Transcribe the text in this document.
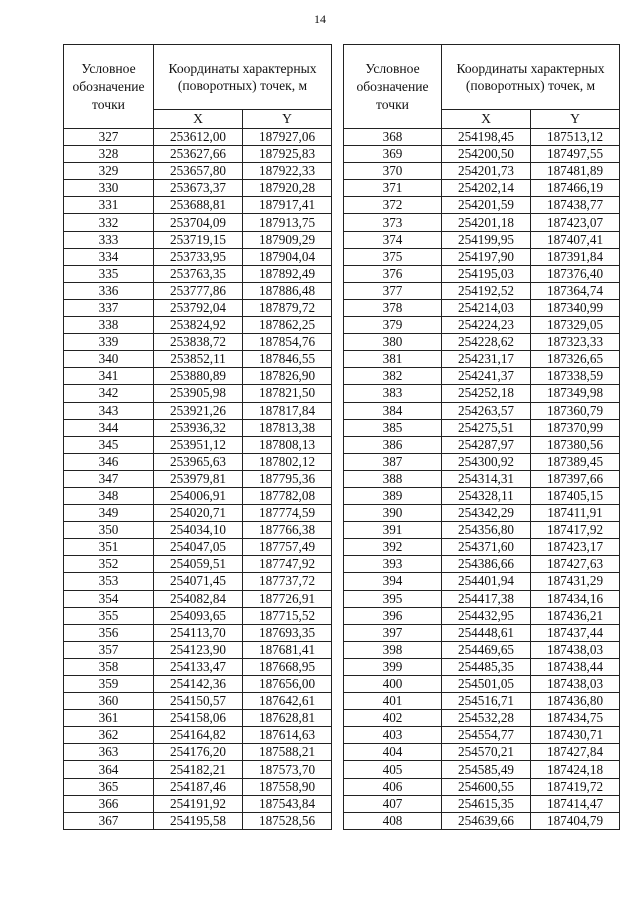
14
Условное обозначение точки	Координаты характерных (поворотных) точек, м	
	X	Y
327	253612,00	187927,06
328	253627,66	187925,83
329	253657,80	187922,33
330	253673,37	187920,28
331	253688,81	187917,41
332	253704,09	187913,75
333	253719,15	187909,29
334	253733,95	187904,04
335	253763,35	187892,49
336	253777,86	187886,48
337	253792,04	187879,72
338	253824,92	187862,25
339	253838,72	187854,76
340	253852,11	187846,55
341	253880,89	187826,90
342	253905,98	187821,50
343	253921,26	187817,84
344	253936,32	187813,38
345	253951,12	187808,13
346	253965,63	187802,12
347	253979,81	187795,36
348	254006,91	187782,08
349	254020,71	187774,59
350	254034,10	187766,38
351	254047,05	187757,49
352	254059,51	187747,92
353	254071,45	187737,72
354	254082,84	187726,91
355	254093,65	187715,52
356	254113,70	187693,35
357	254123,90	187681,41
358	254133,47	187668,95
359	254142,36	187656,00
360	254150,57	187642,61
361	254158,06	187628,81
362	254164,82	187614,63
363	254176,20	187588,21
364	254182,21	187573,70
365	254187,46	187558,90
366	254191,92	187543,84
367	254195,58	187528,56
Условное обозначение точки	Координаты характерных (поворотных) точек, м	
	X	Y
368	254198,45	187513,12
369	254200,50	187497,55
370	254201,73	187481,89
371	254202,14	187466,19
372	254201,59	187438,77
373	254201,18	187423,07
374	254199,95	187407,41
375	254197,90	187391,84
376	254195,03	187376,40
377	254192,52	187364,74
378	254214,03	187340,99
379	254224,23	187329,05
380	254228,62	187323,33
381	254231,17	187326,65
382	254241,37	187338,59
383	254252,18	187349,98
384	254263,57	187360,79
385	254275,51	187370,99
386	254287,97	187380,56
387	254300,92	187389,45
388	254314,31	187397,66
389	254328,11	187405,15
390	254342,29	187411,91
391	254356,80	187417,92
392	254371,60	187423,17
393	254386,66	187427,63
394	254401,94	187431,29
395	254417,38	187434,16
396	254432,95	187436,21
397	254448,61	187437,44
398	254469,65	187438,03
399	254485,35	187438,44
400	254501,05	187438,03
401	254516,71	187436,80
402	254532,28	187434,75
403	254554,77	187430,71
404	254570,21	187427,84
405	254585,49	187424,18
406	254600,55	187419,72
407	254615,35	187414,47
408	254639,66	187404,79
